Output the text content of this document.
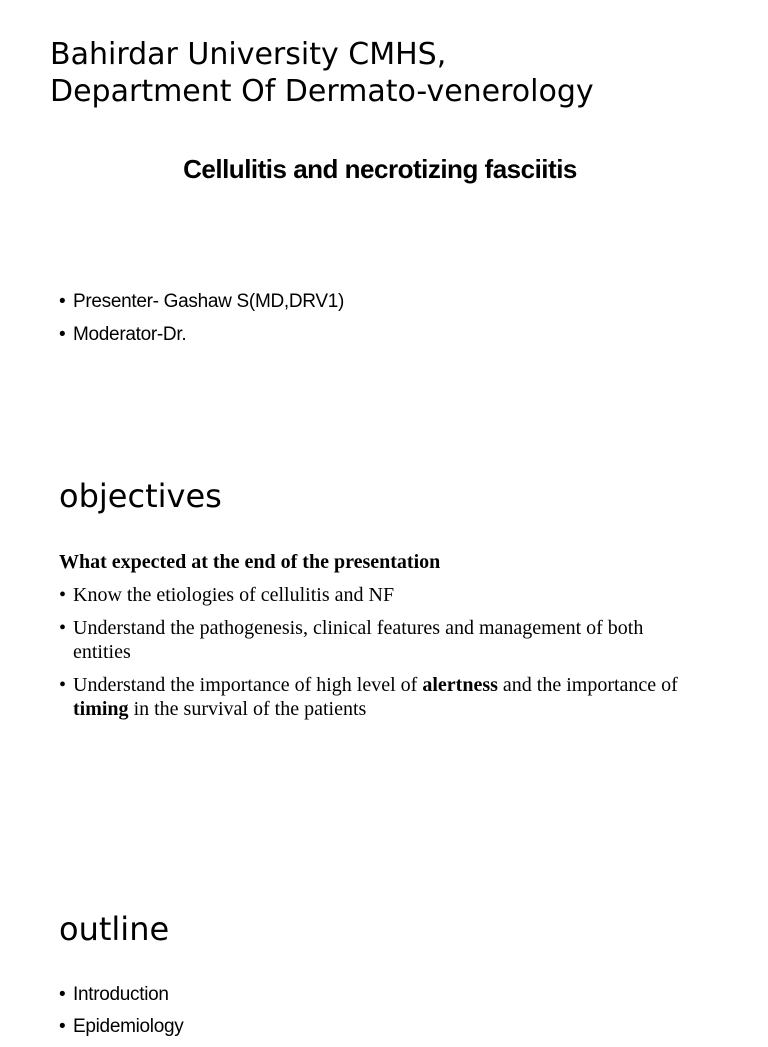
Bahirdar University CMHS,
Department Of Dermato-venerology
Cellulitis and necrotizing fasciitis
• Presenter- Gashaw S(MD,DRV1)
• Moderator-Dr.
objectives

What expected at the end of the presentation

• Know the etiologies of cellulitis and NF
• Understand the pathogenesis, clinical features and management of both entities
• Understand the importance of high level of alertness and the importance of timing in the survival of the patients
outline
• Introduction
• Epidemiology
